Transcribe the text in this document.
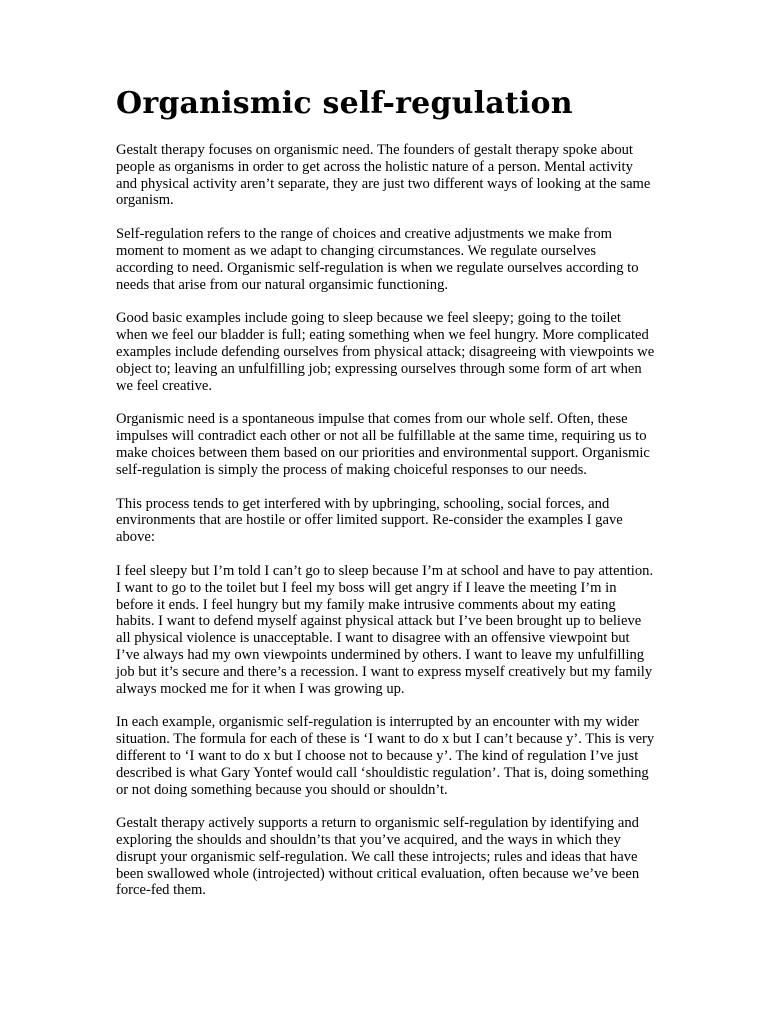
Organismic self-regulation

Gestalt therapy focuses on organismic need. The founders of gestalt therapy spoke about people as organisms in order to get across the holistic nature of a person. Mental activity and physical activity aren’t separate, they are just two different ways of looking at the same organism.

Self-regulation refers to the range of choices and creative adjustments we make from moment to moment as we adapt to changing circumstances. We regulate ourselves according to need. Organismic self-regulation is when we regulate ourselves according to needs that arise from our natural organsimic functioning.

Good basic examples include going to sleep because we feel sleepy; going to the toilet when we feel our bladder is full; eating something when we feel hungry. More complicated examples include defending ourselves from physical attack; disagreeing with viewpoints we object to; leaving an unfulfilling job; expressing ourselves through some form of art when we feel creative.

Organismic need is a spontaneous impulse that comes from our whole self. Often, these impulses will contradict each other or not all be fulfillable at the same time, requiring us to make choices between them based on our priorities and environmental support. Organismic self-regulation is simply the process of making choiceful responses to our needs.

This process tends to get interfered with by upbringing, schooling, social forces, and environments that are hostile or offer limited support. Re-consider the examples I gave above:

I feel sleepy but I’m told I can’t go to sleep because I’m at school and have to pay attention. I want to go to the toilet but I feel my boss will get angry if I leave the meeting I’m in before it ends. I feel hungry but my family make intrusive comments about my eating habits. I want to defend myself against physical attack but I’ve been brought up to believe all physical violence is unacceptable. I want to disagree with an offensive viewpoint but I’ve always had my own viewpoints undermined by others. I want to leave my unfulfilling job but it’s secure and there’s a recession. I want to express myself creatively but my family always mocked me for it when I was growing up.

In each example, organismic self-regulation is interrupted by an encounter with my wider situation. The formula for each of these is ‘I want to do x but I can’t because y’. This is very different to ‘I want to do x but I choose not to because y’. The kind of regulation I’ve just described is what Gary Yontef would call ‘shouldistic regulation’. That is, doing something or not doing something because you should or shouldn’t.

Gestalt therapy actively supports a return to organismic self-regulation by identifying and exploring the shoulds and shouldn’ts that you’ve acquired, and the ways in which they disrupt your organismic self-regulation. We call these introjects; rules and ideas that have been swallowed whole (introjected) without critical evaluation, often because we’ve been force-fed them.
